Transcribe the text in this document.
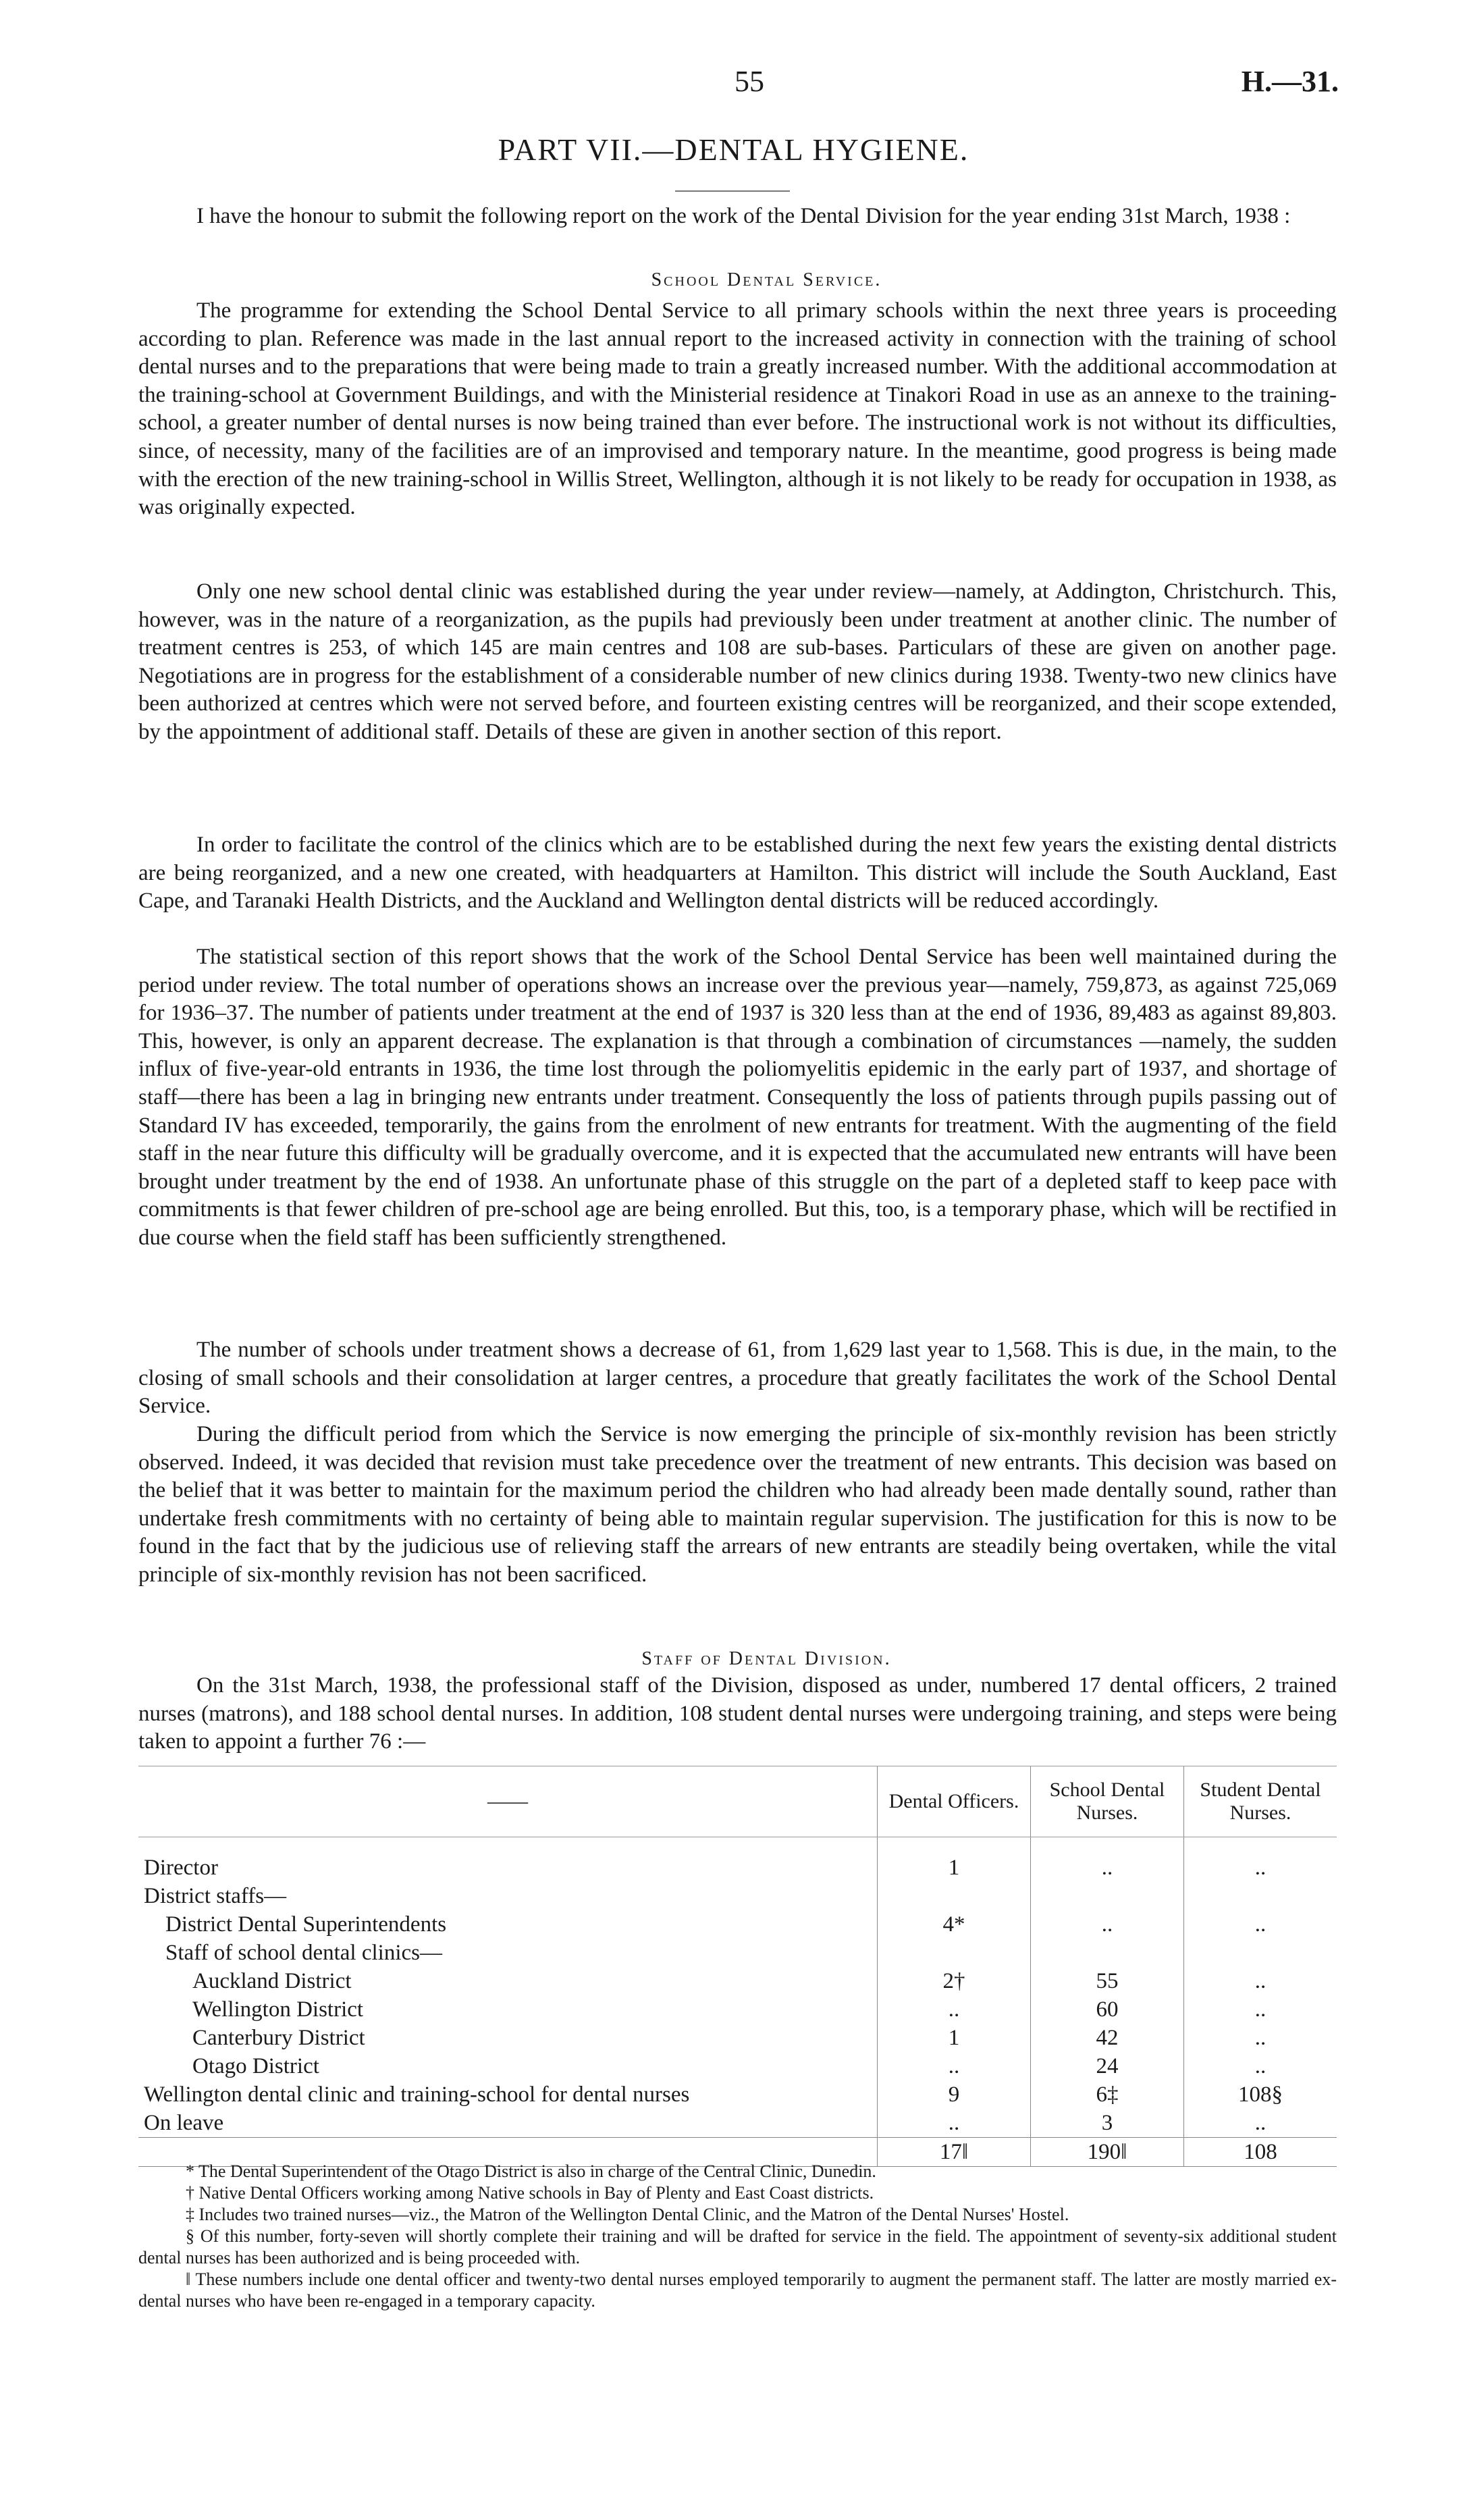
55	H.—31.
PART VII.—DENTAL HYGIENE.

I have the honour to submit the following report on the work of the Dental Division for the year ending 31st March, 1938 :

School Dental Service.

The programme for extending the School Dental Service to all primary schools within the next three years is proceeding according to plan. Reference was made in the last annual report to the increased activity in connection with the training of school dental nurses and to the preparations that were being made to train a greatly increased number. With the additional accommodation at the training-school at Government Buildings, and with the Ministerial residence at Tinakori Road in use as an annexe to the training-school, a greater number of dental nurses is now being trained than ever before. The instructional work is not without its difficulties, since, of necessity, many of the facilities are of an improvised and temporary nature. In the meantime, good progress is being made with the erection of the new training-school in Willis Street, Wellington, although it is not likely to be ready for occupation in 1938, as was originally expected.

Only one new school dental clinic was established during the year under review—namely, at Addington, Christchurch. This, however, was in the nature of a reorganization, as the pupils had previously been under treatment at another clinic. The number of treatment centres is 253, of which 145 are main centres and 108 are sub-bases. Particulars of these are given on another page. Negotiations are in progress for the establishment of a considerable number of new clinics during 1938. Twenty-two new clinics have been authorized at centres which were not served before, and fourteen existing centres will be reorganized, and their scope extended, by the appointment of additional staff. Details of these are given in another section of this report.

In order to facilitate the control of the clinics which are to be established during the next few years the existing dental districts are being reorganized, and a new one created, with headquarters at Hamilton. This district will include the South Auckland, East Cape, and Taranaki Health Districts, and the Auckland and Wellington dental districts will be reduced accordingly.

The statistical section of this report shows that the work of the School Dental Service has been well maintained during the period under review. The total number of operations shows an increase over the previous year—namely, 759,873, as against 725,069 for 1936–37. The number of patients under treatment at the end of 1937 is 320 less than at the end of 1936, 89,483 as against 89,803. This, however, is only an apparent decrease. The explanation is that through a combination of circumstances —namely, the sudden influx of five-year-old entrants in 1936, the time lost through the poliomyelitis epidemic in the early part of 1937, and shortage of staff—there has been a lag in bringing new entrants under treatment. Consequently the loss of patients through pupils passing out of Standard IV has exceeded, temporarily, the gains from the enrolment of new entrants for treatment. With the augmenting of the field staff in the near future this difficulty will be gradually overcome, and it is expected that the accumulated new entrants will have been brought under treatment by the end of 1938. An unfortunate phase of this struggle on the part of a depleted staff to keep pace with commitments is that fewer children of pre-school age are being enrolled. But this, too, is a temporary phase, which will be rectified in due course when the field staff has been sufficiently strengthened.

The number of schools under treatment shows a decrease of 61, from 1,629 last year to 1,568. This is due, in the main, to the closing of small schools and their consolidation at larger centres, a procedure that greatly facilitates the work of the School Dental Service.

During the difficult period from which the Service is now emerging the principle of six-monthly revision has been strictly observed. Indeed, it was decided that revision must take precedence over the treatment of new entrants. This decision was based on the belief that it was better to maintain for the maximum period the children who had already been made dentally sound, rather than undertake fresh commitments with no certainty of being able to maintain regular supervision. The justification for this is now to be found in the fact that by the judicious use of relieving staff the arrears of new entrants are steadily being overtaken, while the vital principle of six-monthly revision has not been sacrificed.

Staff of Dental Division.

On the 31st March, 1938, the professional staff of the Division, disposed as under, numbered 17 dental officers, 2 trained nurses (matrons), and 188 school dental nurses. In addition, 108 student dental nurses were undergoing training, and steps were being taken to appoint a further 76 :—

——	Dental Officers.	School Dental Nurses.	Student Dental Nurses.

Director	1	..	..
District staffs—			
District Dental Superintendents	4*	..	..
Staff of school dental clinics—			
Auckland District	2†	55	..
Wellington District	..	60	..
Canterbury District	1	42	..
Otago District	..	24	..
Wellington dental clinic and training-school for dental nurses	9	6‡	108§
On leave	..	3	..
	17‖	190‖	108

* The Dental Superintendent of the Otago District is also in charge of the Central Clinic, Dunedin.

† Native Dental Officers working among Native schools in Bay of Plenty and East Coast districts.

‡ Includes two trained nurses—viz., the Matron of the Wellington Dental Clinic, and the Matron of the Dental Nurses' Hostel.

§ Of this number, forty-seven will shortly complete their training and will be drafted for service in the field. The appointment of seventy-six additional student dental nurses has been authorized and is being proceeded with.

‖ These numbers include one dental officer and twenty-two dental nurses employed temporarily to augment the permanent staff. The latter are mostly married ex-dental nurses who have been re-engaged in a temporary capacity.
